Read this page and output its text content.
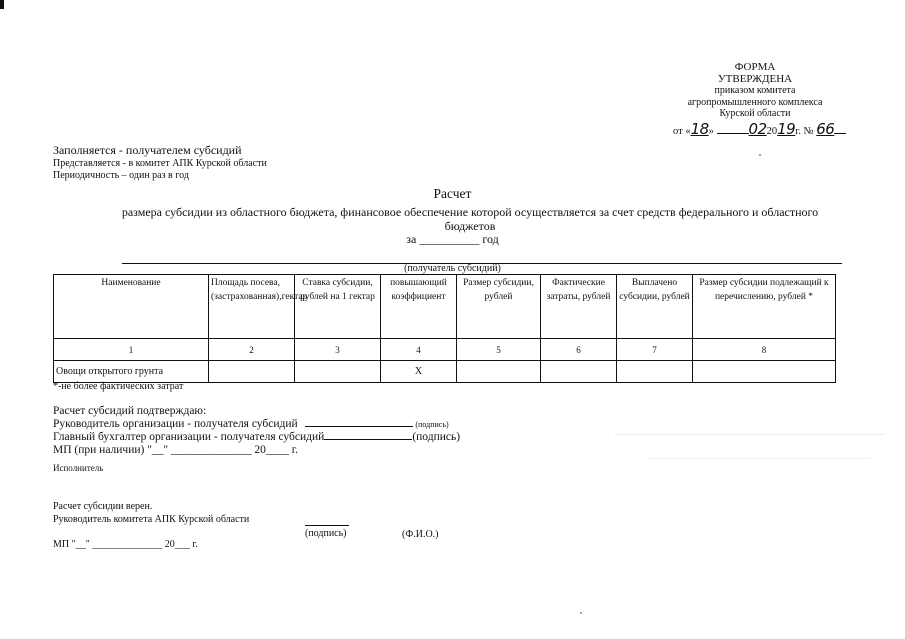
ФОРМА
УТВЕРЖДЕНА
приказом комитета
агропромышленного комплекса
Курской области
от «18» 022019г. № 66
Заполняется - получателем субсидий
Представляется - в комитет АПК Курской области
Периодичность – один раз в год
Расчет
размера субсидии из областного бюджета, финансовое обеспечение которой осуществляется за счет средств федерального и областного бюджетов
за __________ год
(получатель субсидий)
Наименование	Площадь посева,(застрахованная),гектар	Ставка субсидии, рублей на 1 гектар	повышающий коэффициент	Размер субсидии, рублей	Фактические затраты, рублей	Выплачено субсидии, рублей	Размер субсидии подлежащий к перечислению, рублей *
1	2	3	4	5	6	7	8
Овощи открытого грунта			Х				
*-не более фактических затрат
Расчет субсидий подтверждаю:
Руководитель организации - получателя субсидий	(подпись)
Главный бухгалтер организации - получателя субсидий	(подпись)
МП (при наличии) "__" ______________ 20____ г.
Исполнитель
Расчет субсидии верен.
Руководитель комитета АПК Курской области
(подпись)	(Ф.И.О.)
МП "__" ______________ 20___ г.
